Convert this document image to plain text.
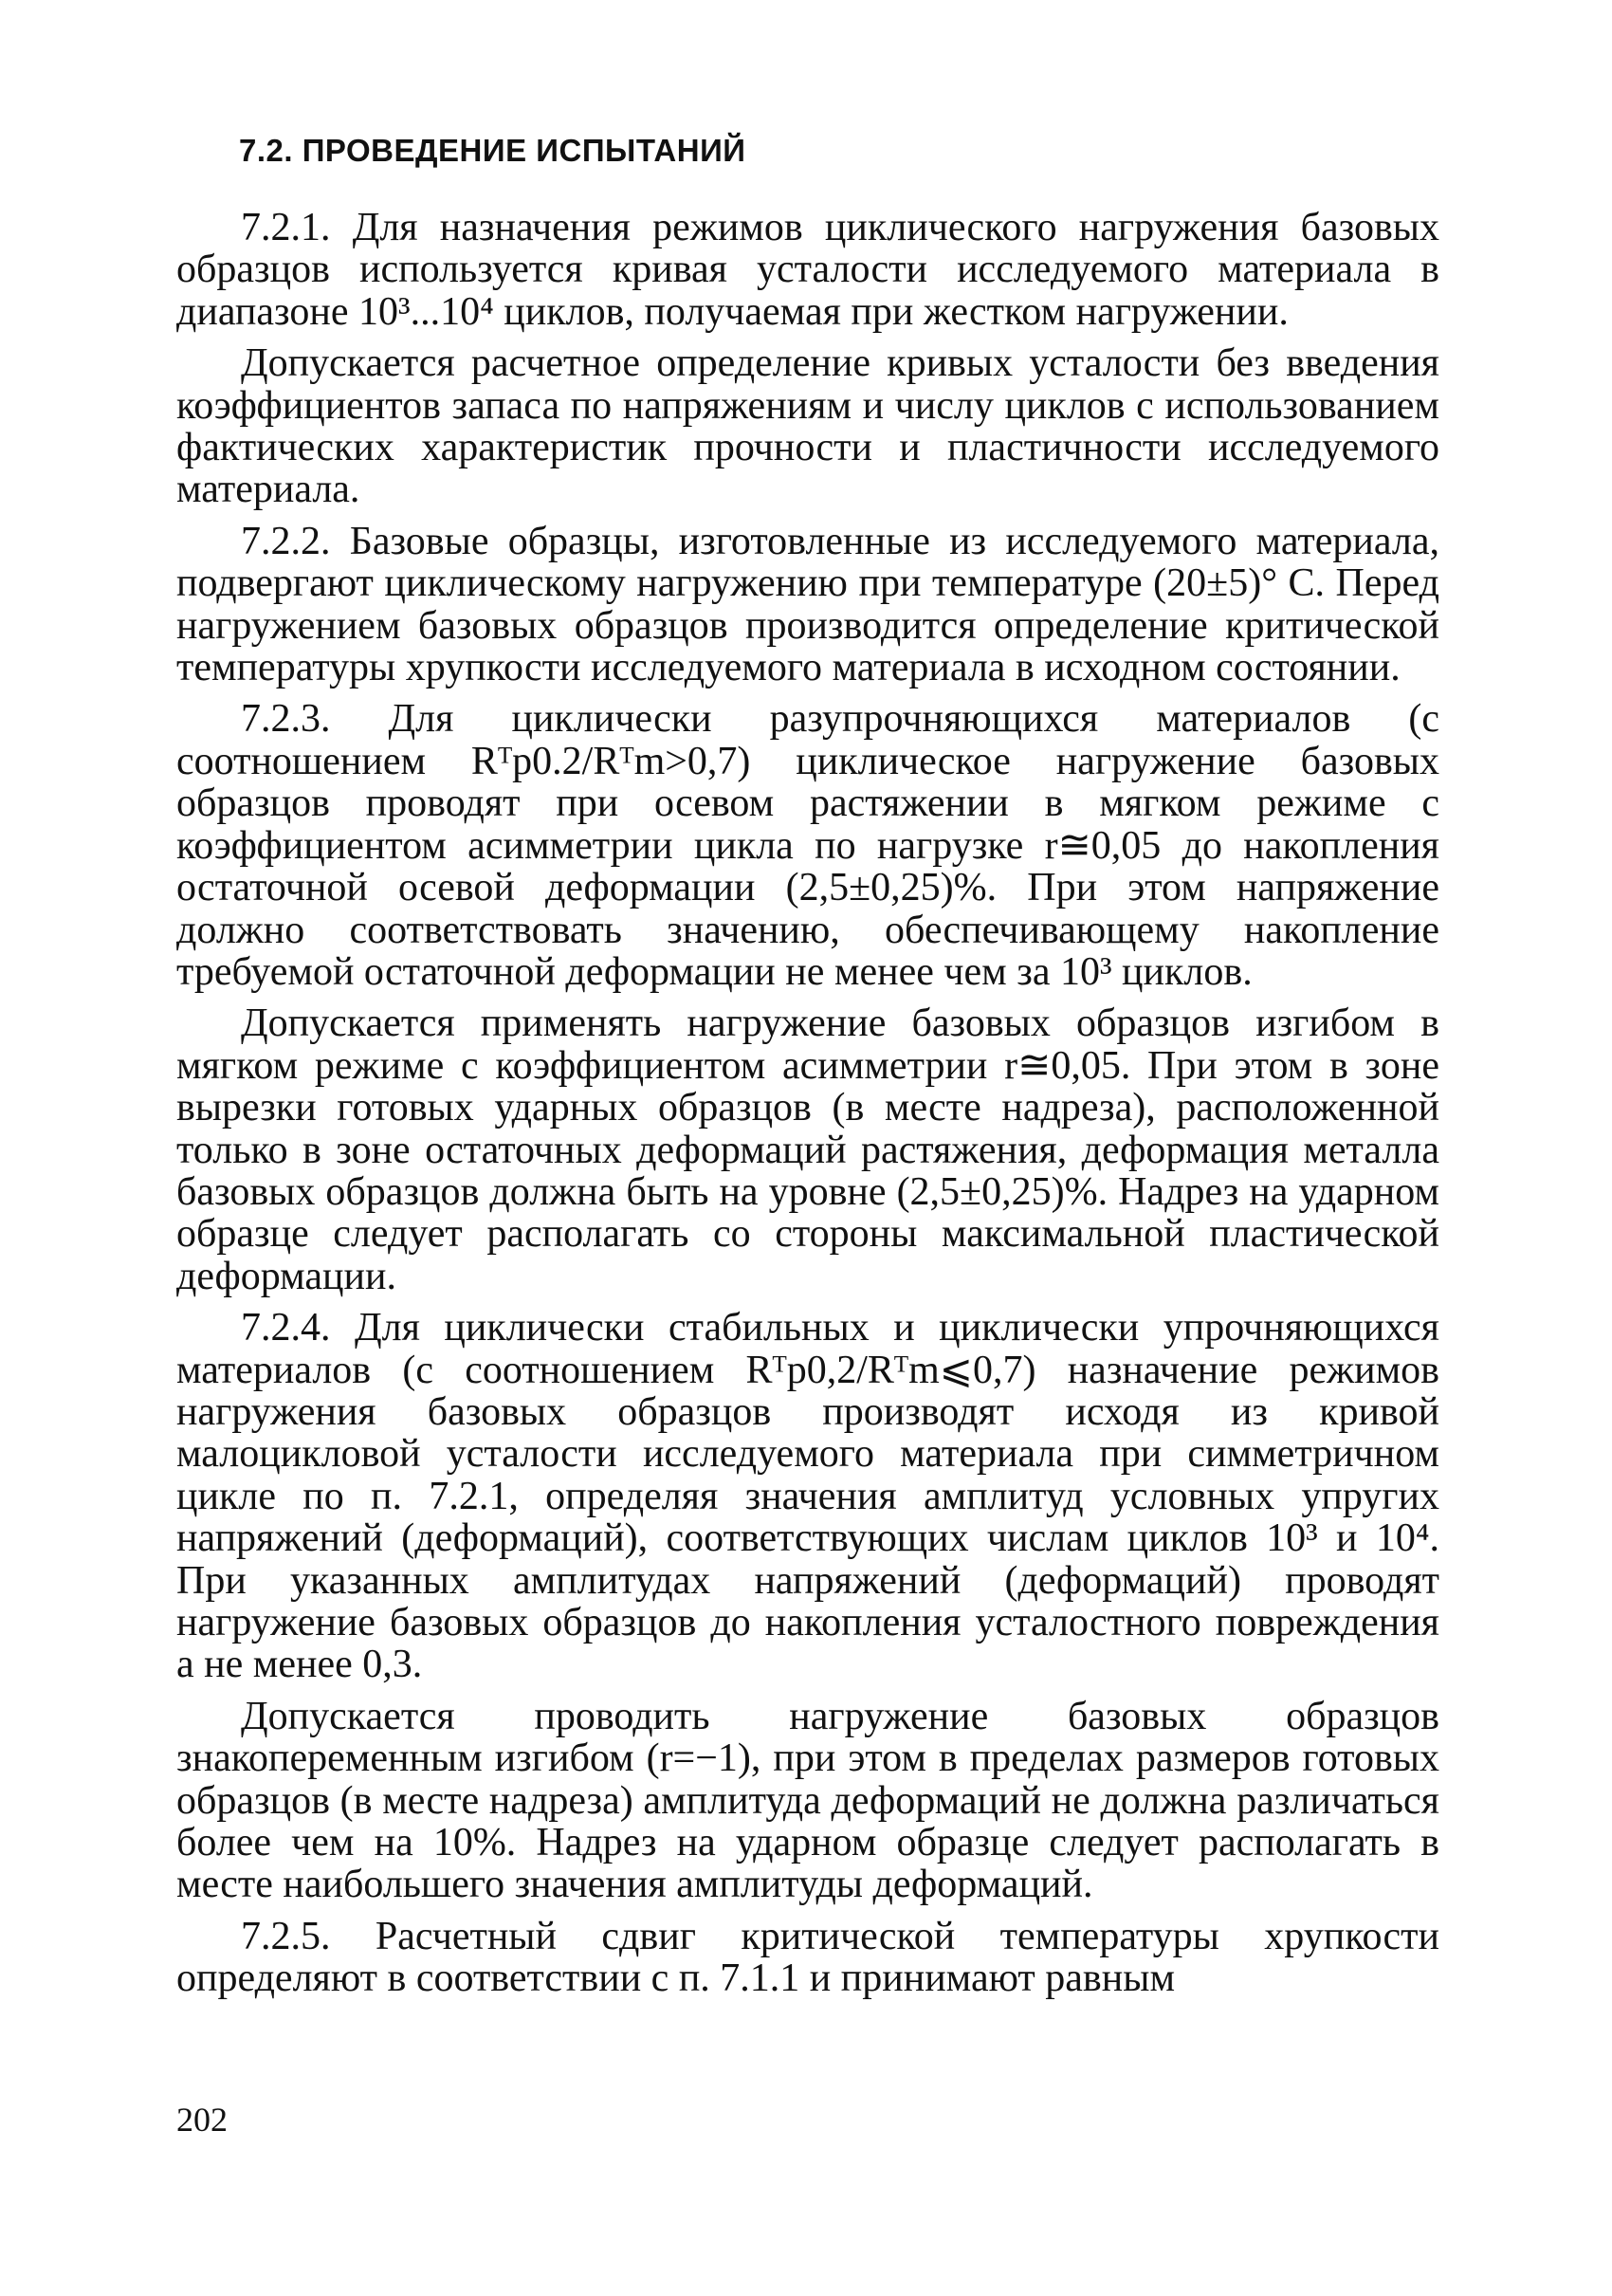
7.2. ПРОВЕДЕНИЕ ИСПЫТАНИЙ

7.2.1. Для назначения режимов циклического нагружения базовых образцов используется кривая усталости исследуемого материала в диапазоне 10³...10⁴ циклов, получаемая при жестком нагружении.

Допускается расчетное определение кривых усталости без введения коэффициентов запаса по напряжениям и числу циклов с использованием фактических характеристик прочности и пластичности исследуемого материала.

7.2.2. Базовые образцы, изготовленные из исследуемого материала, подвергают циклическому нагружению при температуре (20±5)° С. Перед нагружением базовых образцов производится определение критической температуры хрупкости исследуемого материала в исходном состоянии.

7.2.3. Для циклически разупрочняющихся материалов (с соотношением Rᵀp0.2/Rᵀm>0,7) циклическое нагружение базовых образцов проводят при осевом растяжении в мягком режиме с коэффициентом асимметрии цикла по нагрузке r≅0,05 до накопления остаточной осевой деформации (2,5±0,25)%. При этом напряжение должно соответствовать значению, обеспечивающему накопление требуемой остаточной деформации не менее чем за 10³ циклов.

Допускается применять нагружение базовых образцов изгибом в мягком режиме с коэффициентом асимметрии r≅0,05. При этом в зоне вырезки готовых ударных образцов (в месте надреза), расположенной только в зоне остаточных деформаций растяжения, деформация металла базовых образцов должна быть на уровне (2,5±0,25)%. Надрез на ударном образце следует располагать со стороны максимальной пластической деформации.

7.2.4. Для циклически стабильных и циклически упрочняющихся материалов (с соотношением Rᵀp0,2/Rᵀm⩽0,7) назначение режимов нагружения базовых образцов производят исходя из кривой малоцикловой усталости исследуемого материала при симметричном цикле по п. 7.2.1, определяя значения амплитуд условных упругих напряжений (деформаций), соответствующих числам циклов 10³ и 10⁴. При указанных амплитудах напряжений (деформаций) проводят нагружение базовых образцов до накопления усталостного повреждения a не менее 0,3.

Допускается проводить нагружение базовых образцов знакопеременным изгибом (r=−1), при этом в пределах размеров готовых образцов (в месте надреза) амплитуда деформаций не должна различаться более чем на 10%. Надрез на ударном образце следует располагать в месте наибольшего значения амплитуды деформаций.

7.2.5. Расчетный сдвиг критической температуры хрупкости определяют в соответствии с п. 7.1.1 и принимают равным

202
